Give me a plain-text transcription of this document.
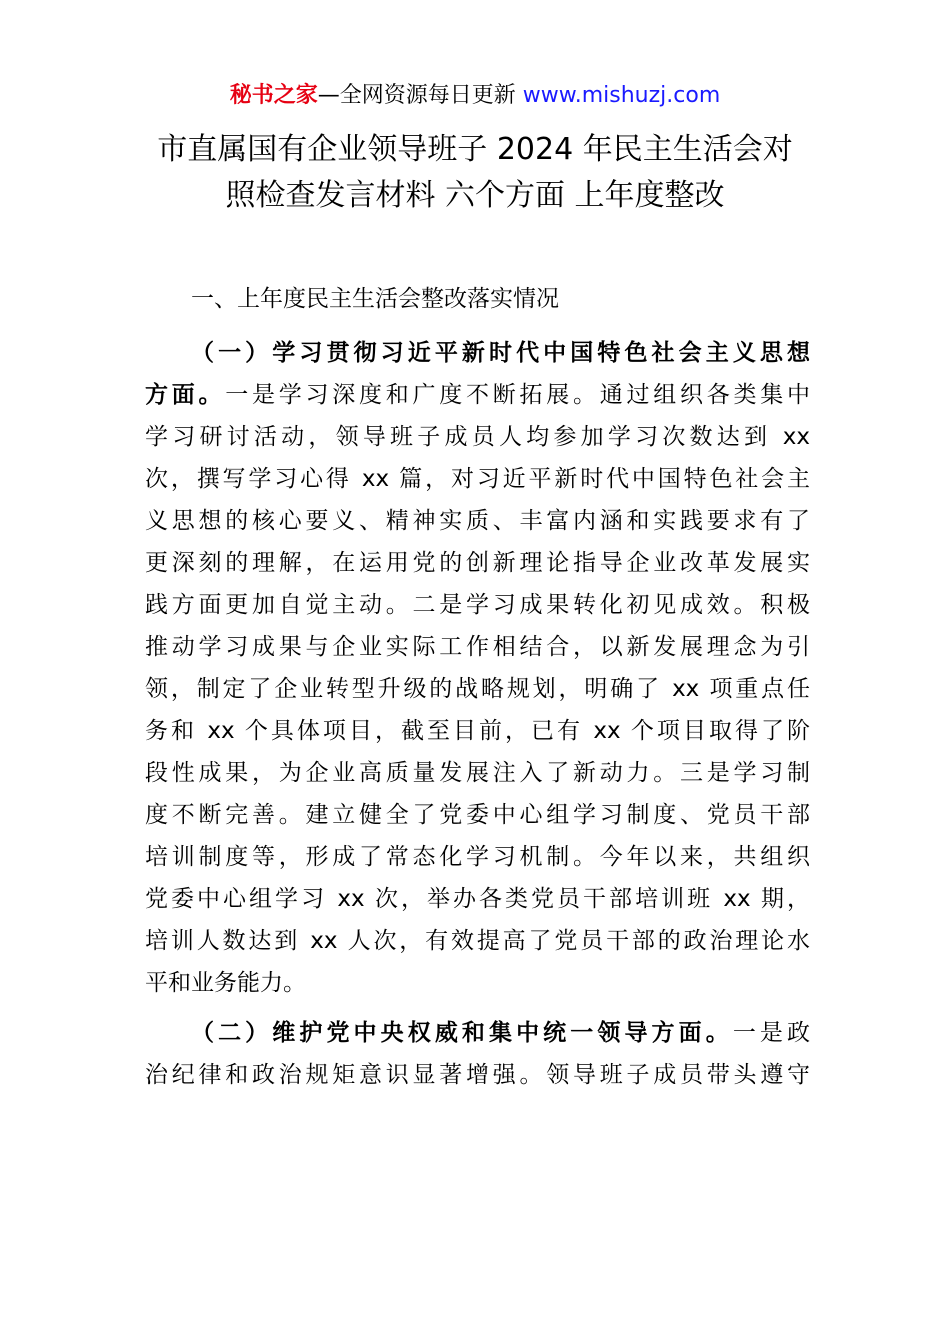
秘书之家—全网资源每日更新 www.mishuzj.com
市直属国有企业领导班子 2024 年民主生活会对
照检查发言材料 六个方面 上年度整改

一、上年度民主生活会整改落实情况

（一）学习贯彻习近平新时代中国特色社会主义思想
方面。一是学习深度和广度不断拓展。通过组织各类集中
学习研讨活动，领导班子成员人均参加学习次数达到 xx
次，撰写学习心得 xx 篇，对习近平新时代中国特色社会主
义思想的核心要义、精神实质、丰富内涵和实践要求有了
更深刻的理解，在运用党的创新理论指导企业改革发展实
践方面更加自觉主动。二是学习成果转化初见成效。积极
推动学习成果与企业实际工作相结合，以新发展理念为引
领，制定了企业转型升级的战略规划，明确了 xx 项重点任
务和 xx 个具体项目，截至目前，已有 xx 个项目取得了阶
段性成果，为企业高质量发展注入了新动力。三是学习制
度不断完善。建立健全了党委中心组学习制度、党员干部
培训制度等，形成了常态化学习机制。今年以来，共组织
党委中心组学习 xx 次，举办各类党员干部培训班 xx 期，
培训人数达到 xx 人次，有效提高了党员干部的政治理论水
平和业务能力。

（二）维护党中央权威和集中统一领导方面。一是政
治纪律和政治规矩意识显著增强。领导班子成员带头遵守
